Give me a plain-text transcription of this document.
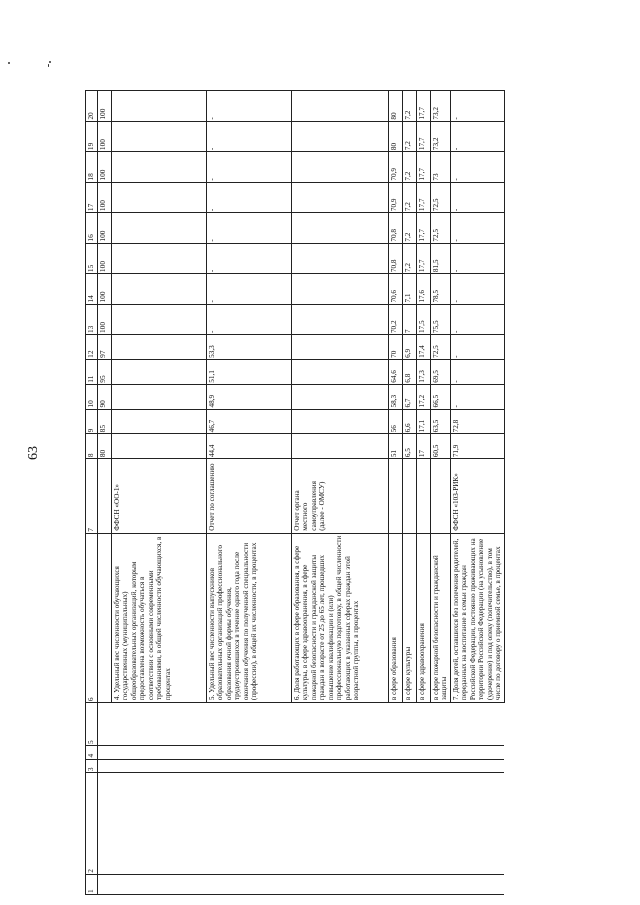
63
1	2	3	4	5	6	7	8	9	10	11	12	13	14	15	16	17	18	19	20
							80	85	90	95	97	100	100	100	100	100	100	100	100
					4. Удельный вес численности обучающихся государственных (муниципальных) общеобразовательных организаций, которым предоставлена возможность обучаться в соответствии с основными современными требованиями, в общей численности обучающихся, в процентах	ФФСН «ОО-1»													
					5. Удельный вес численности выпускников образовательных организаций профессионального образования очной формы обучения, трудоустроившихся в течение одного года после окончания обучения по полученной специальности (профессии), в общей их численности, в процентах	Отчет по соглашению	44,4	46,7	48,9	51,1	53,3	-	-	-	-	-	-	-	-
					6. Доля работающих в сфере образования, в сфере культуры, в сфере здравоохранения, в сфере пожарной безопасности и гражданской защиты граждан в возрасте от 25 до 65 лет, прошедших повышение квалификации и (или) профессиональную подготовку, в общей численности работающих в указанных сферах граждан этой возрастной группы, в процентах	Отчет органа местного самоуправления (далее - ОМСУ)													
					в сфере образования		51	56	58,3	64,6	70	70,2	70,6	70,8	70,8	70,9	70,9	80	80
					в сфере культуры		6,5	6,6	6,7	6,8	6,9	7	7,1	7,2	7,2	7,2	7,2	7,2	7,2
					в сфере здравоохранения		17	17,1	17,2	17,3	17,4	17,5	17,6	17,7	17,7	17,7	17,7	17,7	17,7
					в сфере пожарной безопасности и гражданской защиты		60,5	63,5	66,5	69,5	72,5	75,5	78,5	81,5	72,5	72,5	73	73,2	73,2
					7. Доля детей, оставшихся без попечения родителей, переданных на воспитание в семьи граждан Российской Федерации, постоянно проживающих на территории Российской Федерации (на усыновление (удочерение) и под опеку (попечительство), в том числе по договору о приемной семье, в процентах	ФФСН «103-РИК»	71,9	72,8	-	-	-	-	-	-	-	-	-	-	-
